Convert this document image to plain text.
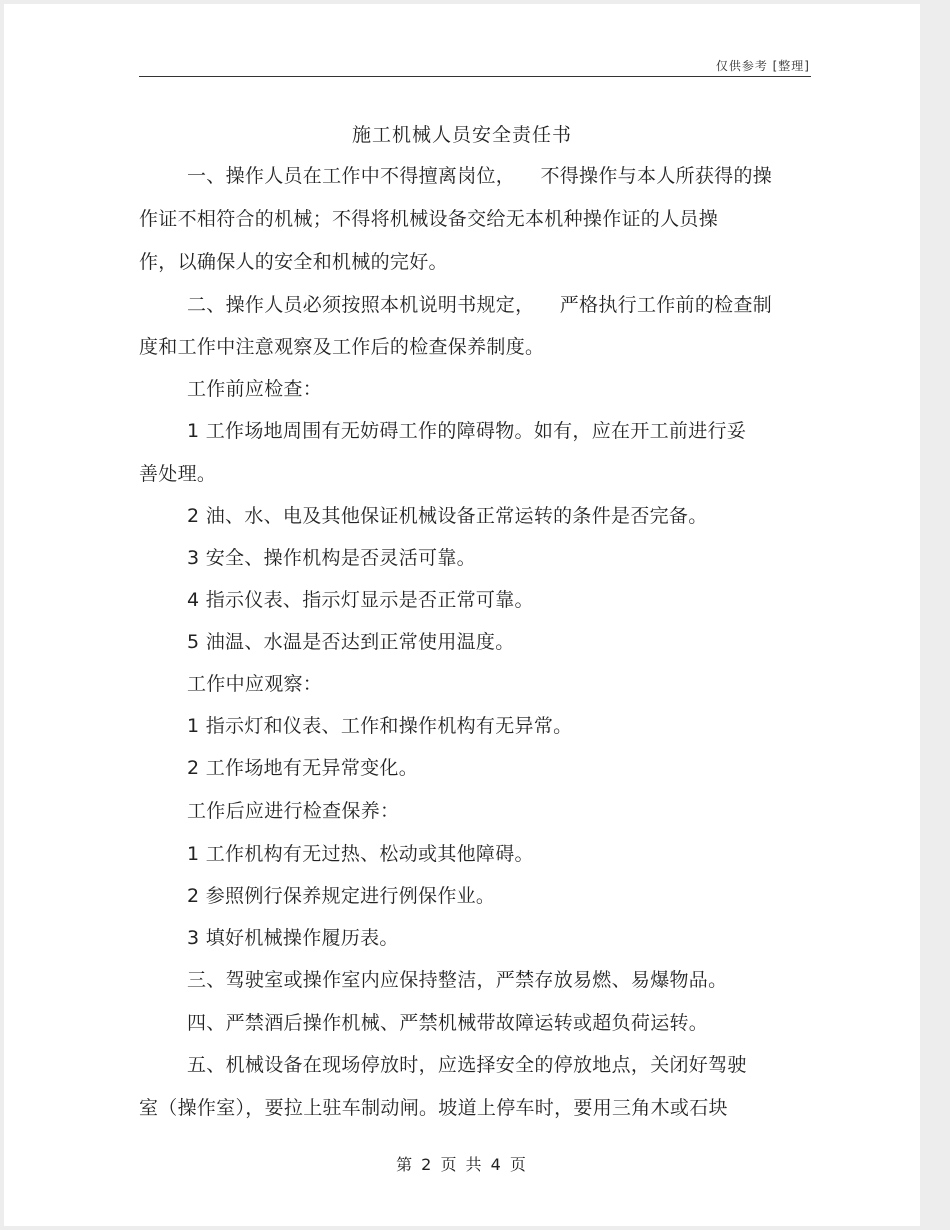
仅供参考 [整理]
施工机械人员安全责任书
一、操作人员在工作中不得擅离岗位，    不得操作与本人所获得的操
作证不相符合的机械；不得将机械设备交给无本机种操作证的人员操
作，以确保人的安全和机械的完好。
二、操作人员必须按照本机说明书规定，    严格执行工作前的检查制
度和工作中注意观察及工作后的检查保养制度。
工作前应检查：
1 工作场地周围有无妨碍工作的障碍物。如有，应在开工前进行妥
善处理。
2 油、水、电及其他保证机械设备正常运转的条件是否完备。
3 安全、操作机构是否灵活可靠。
4 指示仪表、指示灯显示是否正常可靠。
5 油温、水温是否达到正常使用温度。
工作中应观察：
1 指示灯和仪表、工作和操作机构有无异常。
2 工作场地有无异常变化。
工作后应进行检查保养：
1 工作机构有无过热、松动或其他障碍。
2 参照例行保养规定进行例保作业。
3 填好机械操作履历表。
三、驾驶室或操作室内应保持整洁，严禁存放易燃、易爆物品。
四、严禁酒后操作机械、严禁机械带故障运转或超负荷运转。
五、机械设备在现场停放时，应选择安全的停放地点，关闭好驾驶
室（操作室），要拉上驻车制动闸。坡道上停车时，要用三角木或石块
第 2 页 共 4 页
